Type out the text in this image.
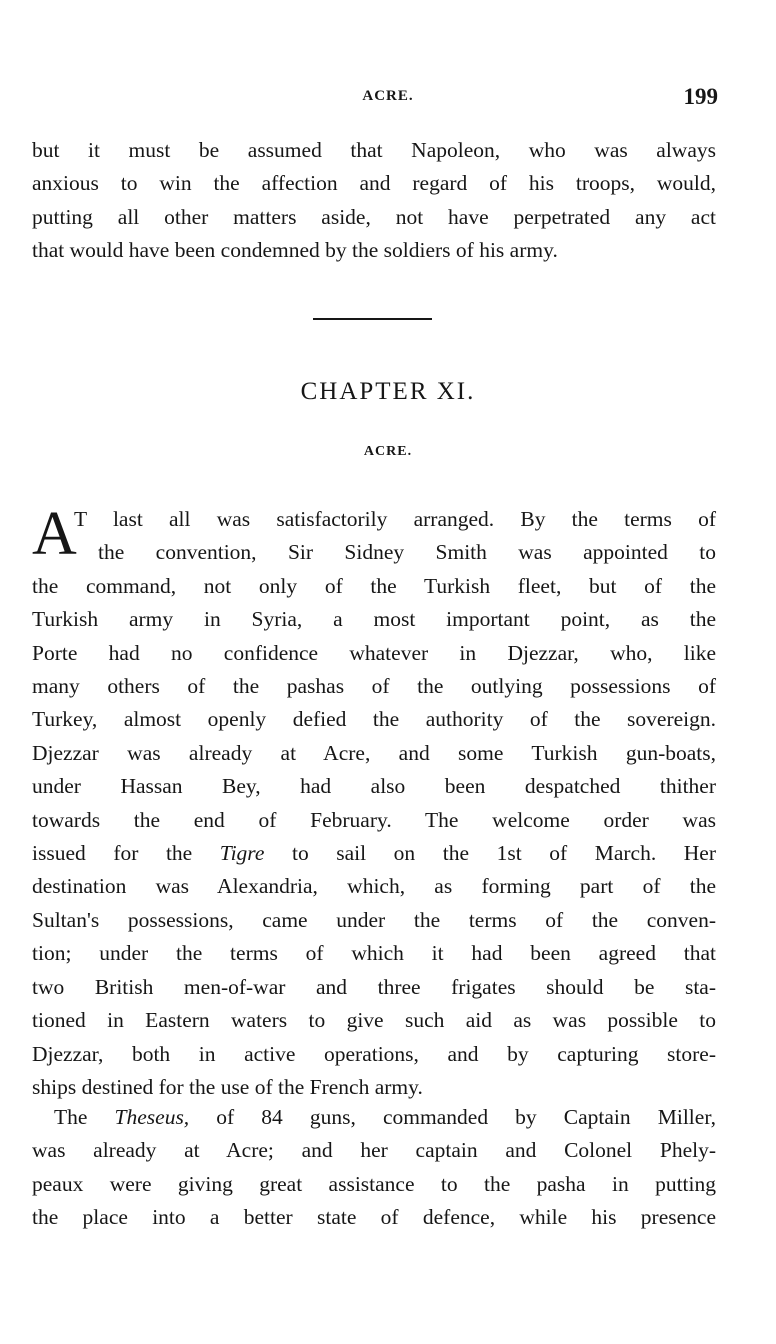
ACRE.	199

but it must be assumed that Napoleon, who was always
anxious to win the affection and regard of his troops, would,
putting all other matters aside, not have perpetrated any act
that would have been condemned by the soldiers of his army.

CHAPTER XI.
ACRE.
A

T last all was satisfactorily arranged. By the terms of
the convention, Sir Sidney Smith was appointed to
the command, not only of the Turkish fleet, but of the
Turkish army in Syria, a most important point, as the
Porte had no confidence whatever in Djezzar, who, like
many others of the pashas of the outlying possessions of
Turkey, almost openly defied the authority of the sovereign.
Djezzar was already at Acre, and some Turkish gun-boats,
under Hassan Bey, had also been despatched thither
towards the end of February. The welcome order was
issued for the Tigre to sail on the 1st of March. Her
destination was Alexandria, which, as forming part of the
Sultan's possessions, came under the terms of the conven-
tion; under the terms of which it had been agreed that
two British men-of-war and three frigates should be sta-
tioned in Eastern waters to give such aid as was possible to
Djezzar, both in active operations, and by capturing store-
ships destined for the use of the French army.

The Theseus, of 84 guns, commanded by Captain Miller,
was already at Acre; and her captain and Colonel Phely-
peaux were giving great assistance to the pasha in putting
the place into a better state of defence, while his presence
